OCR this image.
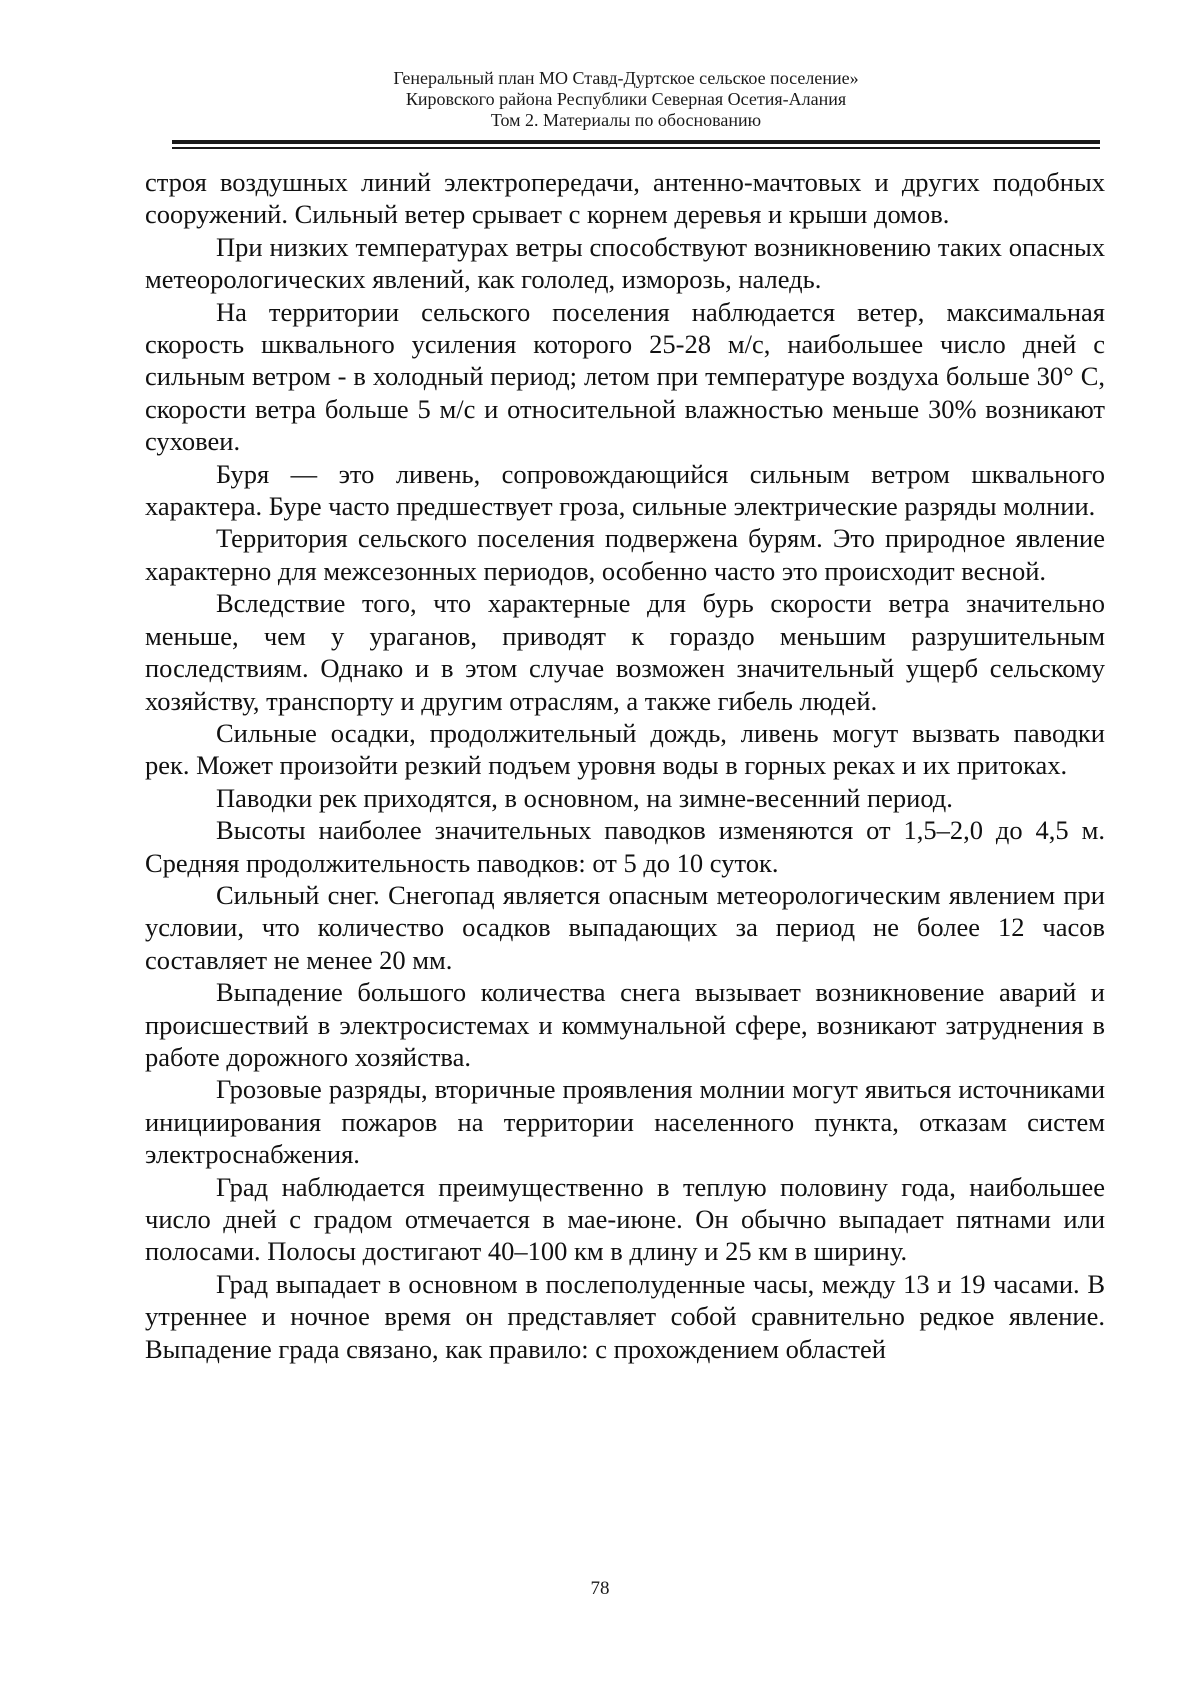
Генеральный план МО Ставд-Дуртское сельское поселение»
Кировского района Республики Северная Осетия-Алания
Том 2. Материалы по обоснованию

строя воздушных линий электропередачи, антенно-мачтовых и других подобных сооружений. Сильный ветер срывает с корнем деревья и крыши домов.

При низких температурах ветры способствуют возникновению таких опасных метеорологических явлений, как гололед, изморозь, наледь.

На территории сельского поселения наблюдается ветер, максимальная скорость шквального усиления которого 25-28 м/с, наибольшее число дней с сильным ветром - в холодный период; летом при температуре воздуха больше 30° С, скорости ветра больше 5 м/с и относительной влажностью меньше 30% возникают суховеи.

Буря — это ливень, сопровождающийся сильным ветром шквального характера. Буре часто предшествует гроза, сильные электрические разряды молнии.

Территория сельского поселения подвержена бурям. Это природное явление характерно для межсезонных периодов, особенно часто это происходит весной.

Вследствие того, что характерные для бурь скорости ветра значительно меньше, чем у ураганов, приводят к гораздо меньшим разрушительным последствиям. Однако и в этом случае возможен значительный ущерб сельскому хозяйству, транспорту и другим отраслям, а также гибель людей.

Сильные осадки, продолжительный дождь, ливень могут вызвать паводки рек. Может произойти резкий подъем уровня воды в горных реках и их притоках.

Паводки рек приходятся, в основном, на зимне-весенний период.

Высоты наиболее значительных паводков изменяются от 1,5–2,0 до 4,5 м. Средняя продолжительность паводков: от 5 до 10 суток.

Сильный снег. Снегопад является опасным метеорологическим явлением при условии, что количество осадков выпадающих за период не более 12 часов составляет не менее 20 мм.

Выпадение большого количества снега вызывает возникновение аварий и происшествий в электросистемах и коммунальной сфере, возникают затруднения в работе дорожного хозяйства.

Грозовые разряды, вторичные проявления молнии могут явиться источниками инициирования пожаров на территории населенного пункта, отказам систем электроснабжения.

Град наблюдается преимущественно в теплую половину года, наибольшее число дней с градом отмечается в мае-июне. Он обычно выпадает пятнами или полосами. Полосы достигают 40–100 км в длину и 25 км в ширину.

Град выпадает в основном в послеполуденные часы, между 13 и 19 часами. В утреннее и ночное время он представляет собой сравнительно редкое явление. Выпадение града связано, как правило: с прохождением областей

78
